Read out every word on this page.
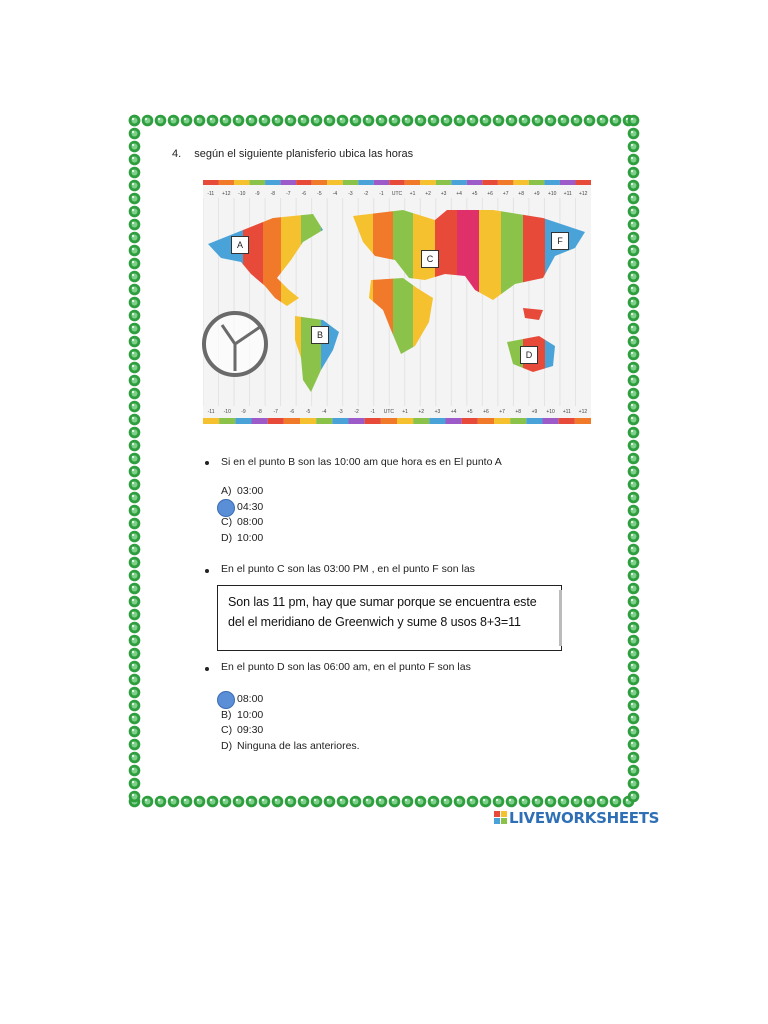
4. según el siguiente planisferio ubica las horas
-11 +12 -10 -9 -8 -7 -6 -5 -4 -3 -2 -1 UTC +1 +2 +3 +4 +5 +6 +7 +8 +9 +10 +11 +12
-11 -10 -9 -8 -7 -6 -5 -4 -3 -2 -1 UTC +1 +2 +3 +4 +5 +6 +7 +8 +9 +10 +11 +12
A
C
F
B
D
Si en el punto B son las 10:00 am que hora es en El punto A
A) 03:00
04:30
C) 08:00
D) 10:00
En el punto C son las 03:00 PM , en el punto F son las
Son las 11 pm, hay que sumar porque se encuentra este
del el meridiano de Greenwich y sume 8 usos 8+3=11
En el punto D son las 06:00 am, en el punto F son las
08:00
B) 10:00
C) 09:30
D) Ninguna de las anteriores.
LIVEWORKSHEETS
